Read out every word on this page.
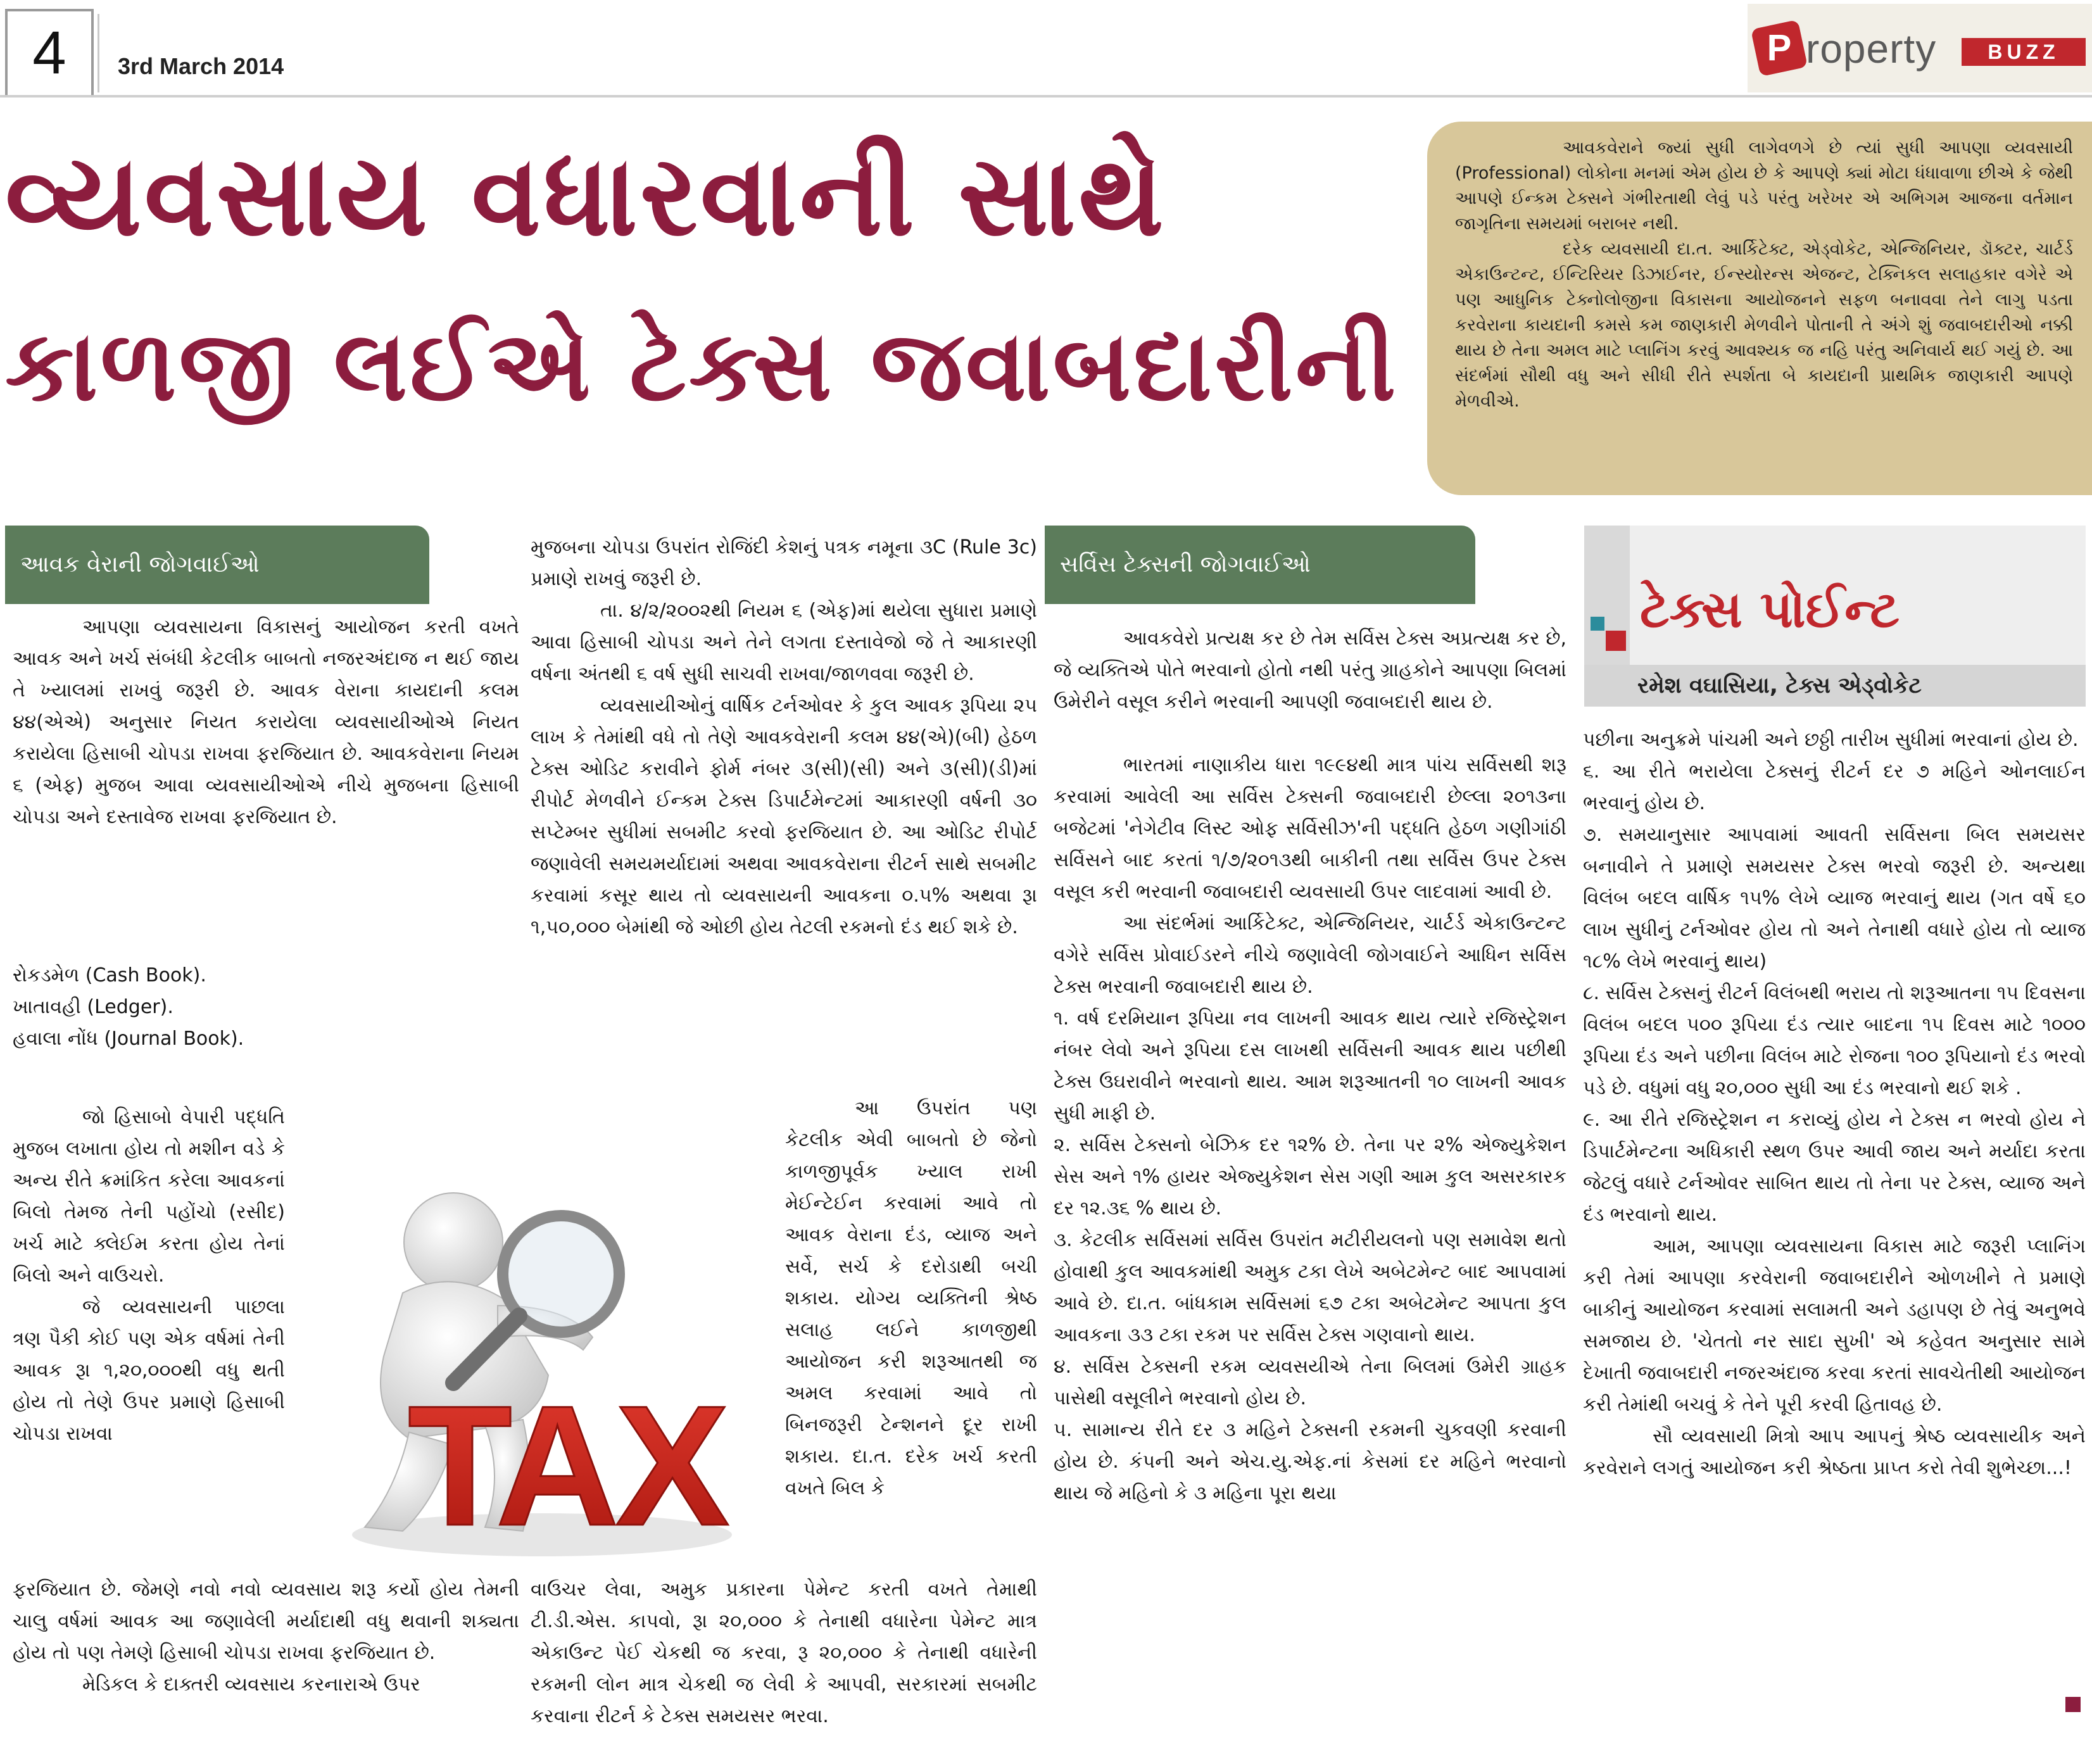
4	3rd March 2014	P roperty	BUZZ
વ્યવસાય વધારવાની સાથે
કાળજી લઈએ ટેક્સ જવાબદારીની

આવકવેરાને જ્યાં સુધી લાગેવળગે છે ત્યાં સુધી આપણા વ્યવસાયી (Professional) લોકોના મનમાં એમ હોય છે કે આપણે ક્યાં મોટા ધંધાવાળા છીએ કે જેથી આપણે ઈન્કમ ટેક્સને ગંભીરતાથી લેવું પડે પરંતુ ખરેખર એ અભિગમ આજના વર્તમાન જાગૃતિના સમયમાં બરાબર નથી.

દરેક વ્યવસાયી દા.ત. આર્કિટેક્ટ, એડ્વોકેટ, એન્જિનિયર, ડૉક્ટર, ચાર્ટર્ડ એકાઉન્ટન્ટ, ઈન્ટિરિયર ડિઝાઈનર, ઈન્સ્યોરન્સ એજન્ટ, ટેક્નિકલ સલાહકાર વગેરે એ પણ આધુનિક ટેક્નોલોજીના વિકાસના આયોજનને સફળ બનાવવા તેને લાગુ પડતા કરવેરાના કાયદાની કમસે કમ જાણકારી મેળવીને પોતાની તે અંગે શું જવાબદારીઓ નક્કી થાય છે તેના અમલ માટે પ્લાનિંગ કરવું આવશ્યક જ નહિ પરંતુ અનિવાર્ય થઈ ગયું છે. આ સંદર્ભમાં સૌથી વધુ અને સીધી રીતે સ્પર્શતા બે કાયદાની પ્રાથમિક જાણકારી આપણે મેળવીએ.

આવક વેરાની જોગવાઈઓ	સર્વિસ ટેક્સની જોગવાઈઓ
ટેક્સ પોઈન્ટ
રમેશ વઘાસિયા, ટેક્સ એડ્વોકેટ

આપણા વ્યવસાયના વિકાસનું આયોજન કરતી વખતે આવક અને ખર્ચ સંબંધી કેટલીક બાબતો નજરઅંદાજ ન થઈ જાય તે ખ્યાલમાં રાખવું જરૂરી છે. આવક વેરાના કાયદાની કલમ ૪૪(એએ) અનુસાર નિયત કરાયેલા વ્યવસાયીઓએ નિયત કરાયેલા હિસાબી ચોપડા રાખવા ફરજિયાત છે. આવકવેરાના નિયમ ૬ (એફ) મુજબ આવા વ્યવસાયીઓએ નીચે મુજબના હિસાબી ચોપડા અને દસ્તાવેજ રાખવા ફરજિયાત છે.

રોકડમેળ (Cash Book).

ખાતાવહી (Ledger).

હવાલા નોંધ (Journal Book).

જો હિસાબો વેપારી પદ્ધતિ મુજબ લખાતા હોય તો મશીન વડે કે અન્ય રીતે ક્રમાંકિત કરેલા આવકનાં બિલો તેમજ તેની પહોંચો (રસીદ) ખર્ચ માટે ક્લેઈમ કરતા હોય તેનાં બિલો અને વાઉચરો.

જે વ્યવસાયની પાછલા ત્રણ પૈકી કોઈ પણ એક વર્ષમાં તેની આવક રૂા ૧,૨૦,૦૦૦થી વધુ થતી હોય તો તેણે ઉપર પ્રમાણે હિસાબી ચોપડા રાખવા

ફરજિયાત છે. જેમણે નવો નવો વ્યવસાય શરૂ કર્યો હોય તેમની ચાલુ વર્ષમાં આવક આ જણાવેલી મર્યાદાથી વધુ થવાની શક્યતા હોય તો પણ તેમણે હિસાબી ચોપડા રાખવા ફરજિયાત છે.

મેડિકલ કે દાક્તરી વ્યવસાય કરનારાએ ઉપર

મુજબના ચોપડા ઉપરાંત રોજિંદી કેશનું પત્રક નમૂના ૩C (Rule 3c) પ્રમાણે રાખવું જરૂરી છે.

તા. ૪/૨/૨૦૦૨થી નિયમ ૬ (એફ)માં થયેલા સુધારા પ્રમાણે આવા હિસાબી ચોપડા અને તેને લગતા દસ્તાવેજો જે તે આકારણી વર્ષના અંતથી ૬ વર્ષ સુધી સાચવી રાખવા/જાળવવા જરૂરી છે.

વ્યવસાયીઓનું વાર્ષિક ટર્નઓવર કે કુલ આવક રૂપિયા ૨૫ લાખ કે તેમાંથી વધે તો તેણે આવકવેરાની કલમ ૪૪(એ)(બી) હેઠળ ટેક્સ ઓડિટ કરાવીને ફોર્મ નંબર ૩(સી)(સી) અને ૩(સી)(ડી)માં રીપોર્ટ મેળવીને ઈન્કમ ટેક્સ ડિપાર્ટમેન્ટમાં આકારણી વર્ષની ૩૦ સપ્ટેમ્બર સુધીમાં સબમીટ કરવો ફરજિયાત છે. આ ઓડિટ રીપોર્ટ જણાવેલી સમયમર્યાદામાં અથવા આવકવેરાના રીટર્ન સાથે સબમીટ કરવામાં કસૂર થાય તો વ્યવસાયની આવકના ૦.૫% અથવા રૂા ૧,૫૦,૦૦૦ બેમાંથી જે ઓછી હોય તેટલી રકમનો દંડ થઈ શકે છે.

આ ઉપરાંત પણ કેટલીક એવી બાબતો છે જેનો કાળજીપૂર્વક ખ્યાલ રાખી મેઈન્ટેઈન કરવામાં આવે તો આવક વેરાના દંડ, વ્યાજ અને સર્વે, સર્ચ કે દરોડાથી બચી શકાય. યોગ્ય વ્યક્તિની શ્રેષ્ઠ સલાહ લઈને કાળજીથી આયોજન કરી શરૂઆતથી જ અમલ કરવામાં આવે તો બિનજરૂરી ટેન્શનને દૂર રાખી શકાય. દા.ત. દરેક ખર્ચ કરતી વખતે બિલ કે

વાઉચર લેવા, અમુક પ્રકારના પેમેન્ટ કરતી વખતે તેમાથી ટી.ડી.એસ. કાપવો, રૂા ૨૦,૦૦૦ કે તેનાથી વધારેના પેમેન્ટ માત્ર એકાઉન્ટ પેઈ ચેકથી જ કરવા, રૂ ૨૦,૦૦૦ કે તેનાથી વધારેની રકમની લોન માત્ર ચેકથી જ લેવી કે આપવી, સરકારમાં સબમીટ કરવાના રીટર્ન કે ટેક્સ સમયસર ભરવા.

TAX

આવકવેરો પ્રત્યક્ષ કર છે તેમ સર્વિસ ટેક્સ અપ્રત્યક્ષ કર છે, જે વ્યક્તિએ પોતે ભરવાનો હોતો નથી પરંતુ ગ્રાહકોને આપણા બિલમાં ઉમેરીને વસૂલ કરીને ભરવાની આપણી જવાબદારી થાય છે.

ભારતમાં નાણાકીય ધારા ૧૯૯૪થી માત્ર પાંચ સર્વિસથી શરૂ કરવામાં આવેલી આ સર્વિસ ટેક્સની જવાબદારી છેલ્લા ૨૦૧૩ના બજેટમાં 'નેગેટીવ લિસ્ટ ઓફ સર્વિસીઝ'ની પદ્ધતિ હેઠળ ગણીગાંઠી સર્વિસને બાદ કરતાં ૧/૭/૨૦૧૩થી બાકીની તથા સર્વિસ ઉપર ટેક્સ વસૂલ કરી ભરવાની જવાબદારી વ્યવસાયી ઉપર લાદવામાં આવી છે.

આ સંદર્ભમાં આર્કિટેક્ટ, એન્જિનિયર, ચાર્ટર્ડ એકાઉન્ટન્ટ વગેરે સર્વિસ પ્રોવાઈડરને નીચે જણાવેલી જોગવાઈને આધિન સર્વિસ ટેક્સ ભરવાની જવાબદારી થાય છે.

૧. વર્ષ દરમિયાન રૂપિયા નવ લાખની આવક થાય ત્યારે રજિસ્ટ્રેશન નંબર લેવો અને રૂપિયા દસ લાખથી સર્વિસની આવક થાય પછીથી ટેક્સ ઉઘરાવીને ભરવાનો થાય. આમ શરૂઆતની ૧૦ લાખની આવક સુધી માફી છે.

૨. સર્વિસ ટેક્સનો બેઝિક દર ૧૨% છે. તેના પર ૨% એજ્યુકેશન સેસ અને ૧% હાયર એજ્યુકેશન સેસ ગણી આમ કુલ અસરકારક દર ૧૨.૩૬ % થાય છે.

૩. કેટલીક સર્વિસમાં સર્વિસ ઉપરાંત મટીરીયલનો પણ સમાવેશ થતો હોવાથી કુલ આવકમાંથી અમુક ટકા લેખે અબેટમેન્ટ બાદ આપવામાં આવે છે. દા.ત. બાંધકામ સર્વિસમાં ૬૭ ટકા અબેટમેન્ટ આપતા કુલ આવકના ૩૩ ટકા રકમ પર સર્વિસ ટેક્સ ગણવાનો થાય.

૪. સર્વિસ ટેક્સની રકમ વ્યવસયીએ તેના બિલમાં ઉમેરી ગ્રાહક પાસેથી વસૂલીને ભરવાનો હોય છે.

૫. સામાન્ય રીતે દર ૩ મહિને ટેક્સની રકમની ચુકવણી કરવાની હોય છે. કંપની અને એચ.યુ.એફ.નાં કેસમાં દર મહિને ભરવાનો થાય જે મહિનો કે ૩ મહિના પૂરા થયા

પછીના અનુક્રમે પાંચમી અને છઠ્ઠી તારીખ સુધીમાં ભરવાનાં હોય છે.

૬. આ રીતે ભરાયેલા ટેક્સનું રીટર્ન દર ૭ મહિને ઓનલાઈન ભરવાનું હોય છે.

૭. સમયાનુસાર આપવામાં આવતી સર્વિસના બિલ સમયસર બનાવીને તે પ્રમાણે સમયસર ટેક્સ ભરવો જરૂરી છે. અન્યથા વિલંબ બદલ વાર્ષિક ૧૫% લેખે વ્યાજ ભરવાનું થાય (ગત વર્ષે ૬૦ લાખ સુધીનું ટર્નઓવર હોય તો અને તેનાથી વધારે હોય તો વ્યાજ ૧૮% લેખે ભરવાનું થાય)

૮. સર્વિસ ટેક્સનું રીટર્ન વિલંબથી ભરાય તો શરૂઆતના ૧૫ દિવસના વિલંબ બદલ ૫૦૦ રૂપિયા દંડ ત્યાર બાદના ૧૫ દિવસ માટે ૧૦૦૦ રૂપિયા દંડ અને પછીના વિલંબ માટે રોજના ૧૦૦ રૂપિયાનો દંડ ભરવો પડે છે. વધુમાં વધુ ૨૦,૦૦૦ સુધી આ દંડ ભરવાનો થઈ શકે .

૯. આ રીતે રજિસ્ટ્રેશન ન કરાવ્યું હોય ને ટેક્સ ન ભરવો હોય ને ડિપાર્ટમેન્ટના અધિકારી સ્થળ ઉપર આવી જાય અને મર્યાદા કરતા જેટલું વધારે ટર્નઓવર સાબિત થાય તો તેના પર ટેક્સ, વ્યાજ અને દંડ ભરવાનો થાય.

આમ, આપણા વ્યવસાયના વિકાસ માટે જરૂરી પ્લાનિંગ કરી તેમાં આપણા કરવેરાની જવાબદારીને ઓળખીને તે પ્રમાણે બાકીનું આયોજન કરવામાં સલામતી અને ડહાપણ છે તેવું અનુભવે સમજાય છે. 'ચેતતો નર સાદા સુખી' એ કહેવત અનુસાર સામે દેખાતી જવાબદારી નજરઅંદાજ કરવા કરતાં સાવચેતીથી આયોજન કરી તેમાંથી બચવું કે તેને પૂરી કરવી હિતાવહ છે.

સૌ વ્યવસાયી મિત્રો આપ આપનું શ્રેષ્ઠ વ્યવસાયીક અને કરવેરાને લગતું આયોજન કરી શ્રેષ્ઠતા પ્રાપ્ત કરો તેવી શુભેચ્છા...!
